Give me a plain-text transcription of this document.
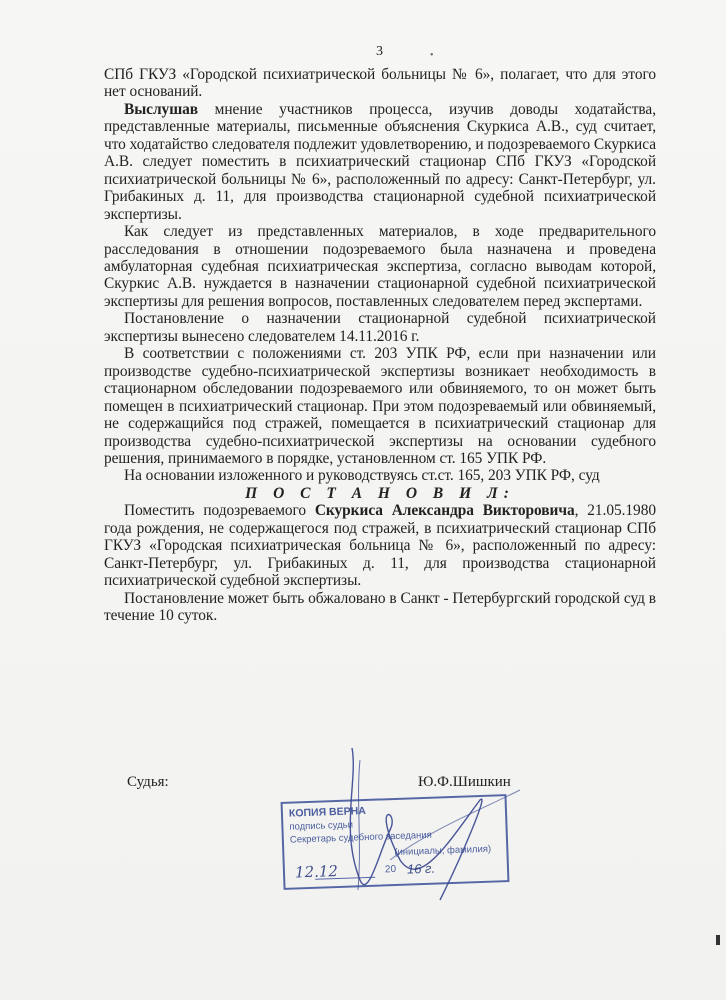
3	•

СПб ГКУЗ «Городской психиатрической больницы № 6», полагает, что для этого нет оснований.

Выслушав мнение участников процесса, изучив доводы ходатайства, представленные материалы, письменные объяснения Скуркиса А.В., суд считает, что ходатайство следователя подлежит удовлетворению, и подозреваемого Скуркиса А.В. следует поместить в психиатрический стационар СПб ГКУЗ «Городской психиатрической больницы № 6», расположенный по адресу: Санкт-Петербург, ул. Грибакиных д. 11, для производства стационарной судебной психиатрической экспертизы.

Как следует из представленных материалов, в ходе предварительного расследования в отношении подозреваемого была назначена и проведена амбулаторная судебная психиатрическая экспертиза, согласно выводам которой, Скуркис А.В. нуждается в назначении стационарной судебной психиатрической экспертизы для решения вопросов, поставленных следователем перед экспертами.

Постановление о назначении стационарной судебной психиатрической экспертизы вынесено следователем 14.11.2016 г.

В соответствии с положениями ст. 203 УПК РФ, если при назначении или производстве судебно-психиатрической экспертизы возникает необходимость в стационарном обследовании подозреваемого или обвиняемого, то он может быть помещен в психиатрический стационар. При этом подозреваемый или обвиняемый, не содержащийся под стражей, помещается в психиатрический стационар для производства судебно-психиатрической экспертизы на основании судебного решения, принимаемого в порядке, установленном ст. 165 УПК РФ.

На основании изложенного и руководствуясь ст.ст. 165, 203 УПК РФ, суд

П О С Т А Н О В И Л:

Поместить подозреваемого Скуркиса Александра Викторовича, 21.05.1980 года рождения, не содержащегося под стражей, в психиатрический стационар СПб ГКУЗ «Городская психиатрическая больница № 6», расположенный по адресу: Санкт-Петербург, ул. Грибакиных д. 11, для производства стационарной психиатрической судебной экспертизы.

Постановление может быть обжаловано в Санкт - Петербургский городской суд в течение 10 суток.

Судья:	Ю.Ф.Шишкин
КОПИЯ ВЕРНА
подпись судьи
Секретарь судебного заседания
(инициалы, фамилия)
12.12	20 16 г.
